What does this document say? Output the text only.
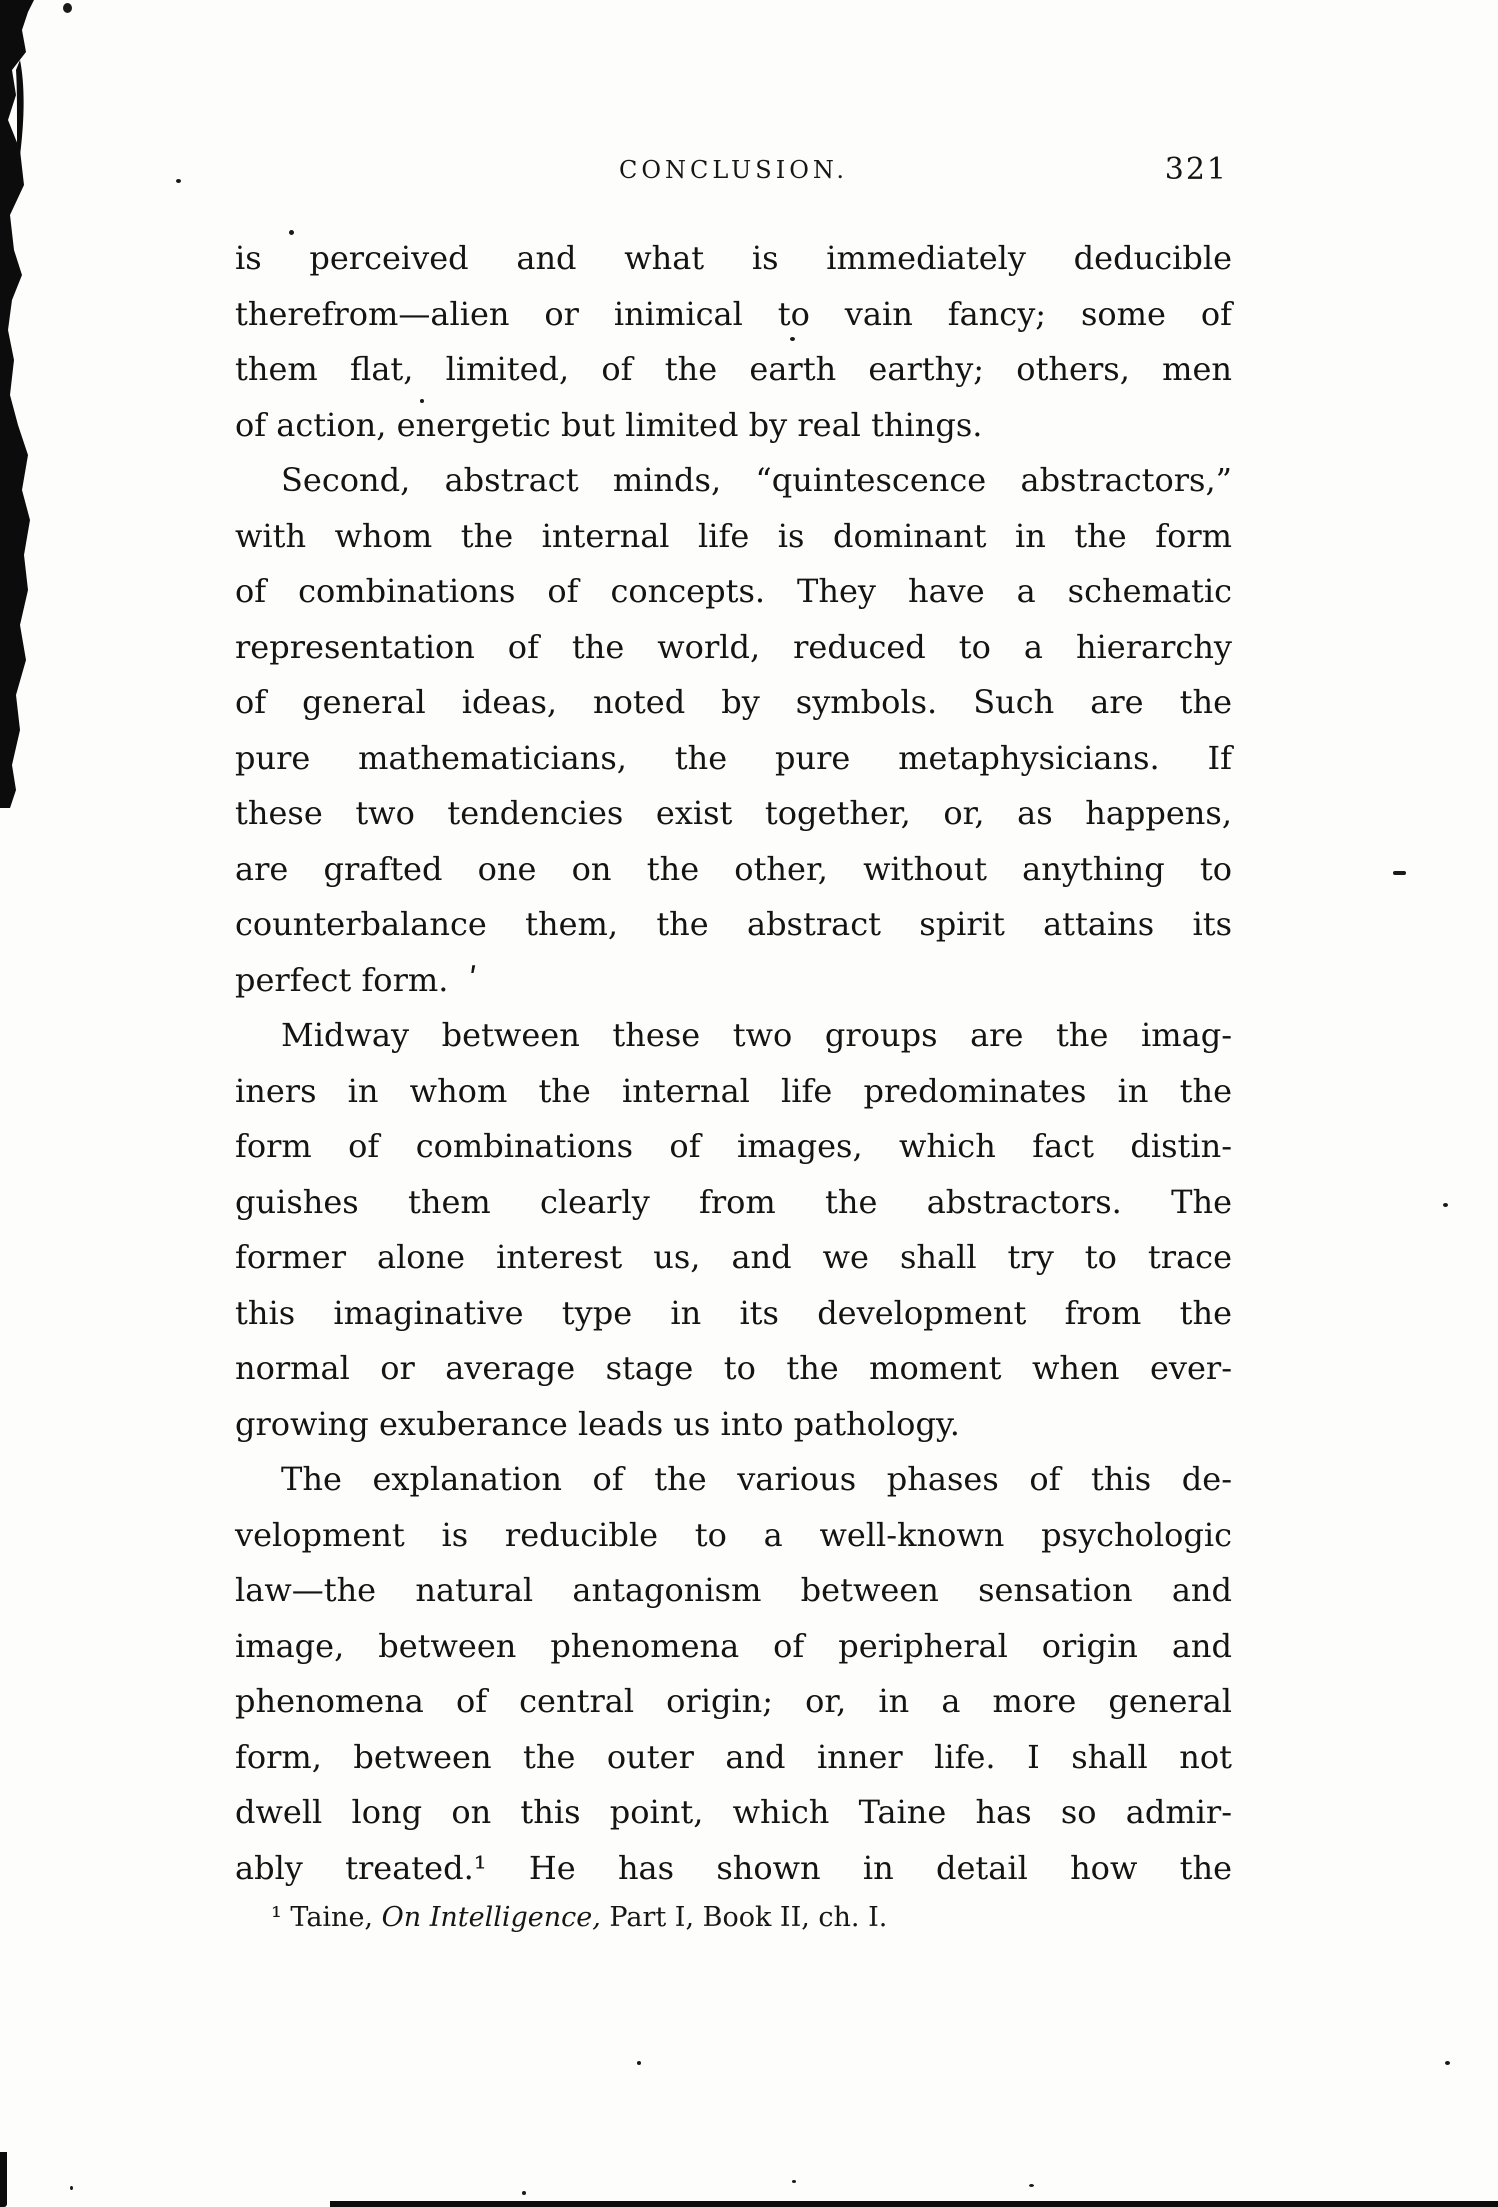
CONCLUSION.	321
is perceived and what is immediately deducible
therefrom—alien or inimical to vain fancy; some of
them flat, limited, of the earth earthy; others, men
of action, energetic but limited by real things.
Second, abstract minds, “quintescence abstractors,”
with whom the internal life is dominant in the form
of combinations of concepts. They have a schematic
representation of the world, reduced to a hierarchy
of general ideas, noted by symbols. Such are the
pure mathematicians, the pure metaphysicians. If
these two tendencies exist together, or, as happens,
are grafted one on the other, without anything to
counterbalance them, the abstract spirit attains its
perfect form.  ʹ
Midway between these two groups are the imag-
iners in whom the internal life predominates in the
form of combinations of images, which fact distin-
guishes them clearly from the abstractors. The
former alone interest us, and we shall try to trace
this imaginative type in its development from the
normal or average stage to the moment when ever-
growing exuberance leads us into pathology.
The explanation of the various phases of this de-
velopment is reducible to a well-known psychologic
law—the natural antagonism between sensation and
image, between phenomena of peripheral origin and
phenomena of central origin; or, in a more general
form, between the outer and inner life. I shall not
dwell long on this point, which Taine has so admir-
ably treated.¹ He has shown in detail how the
¹ Taine, On Intelligence, Part I, Book II, ch. I.
